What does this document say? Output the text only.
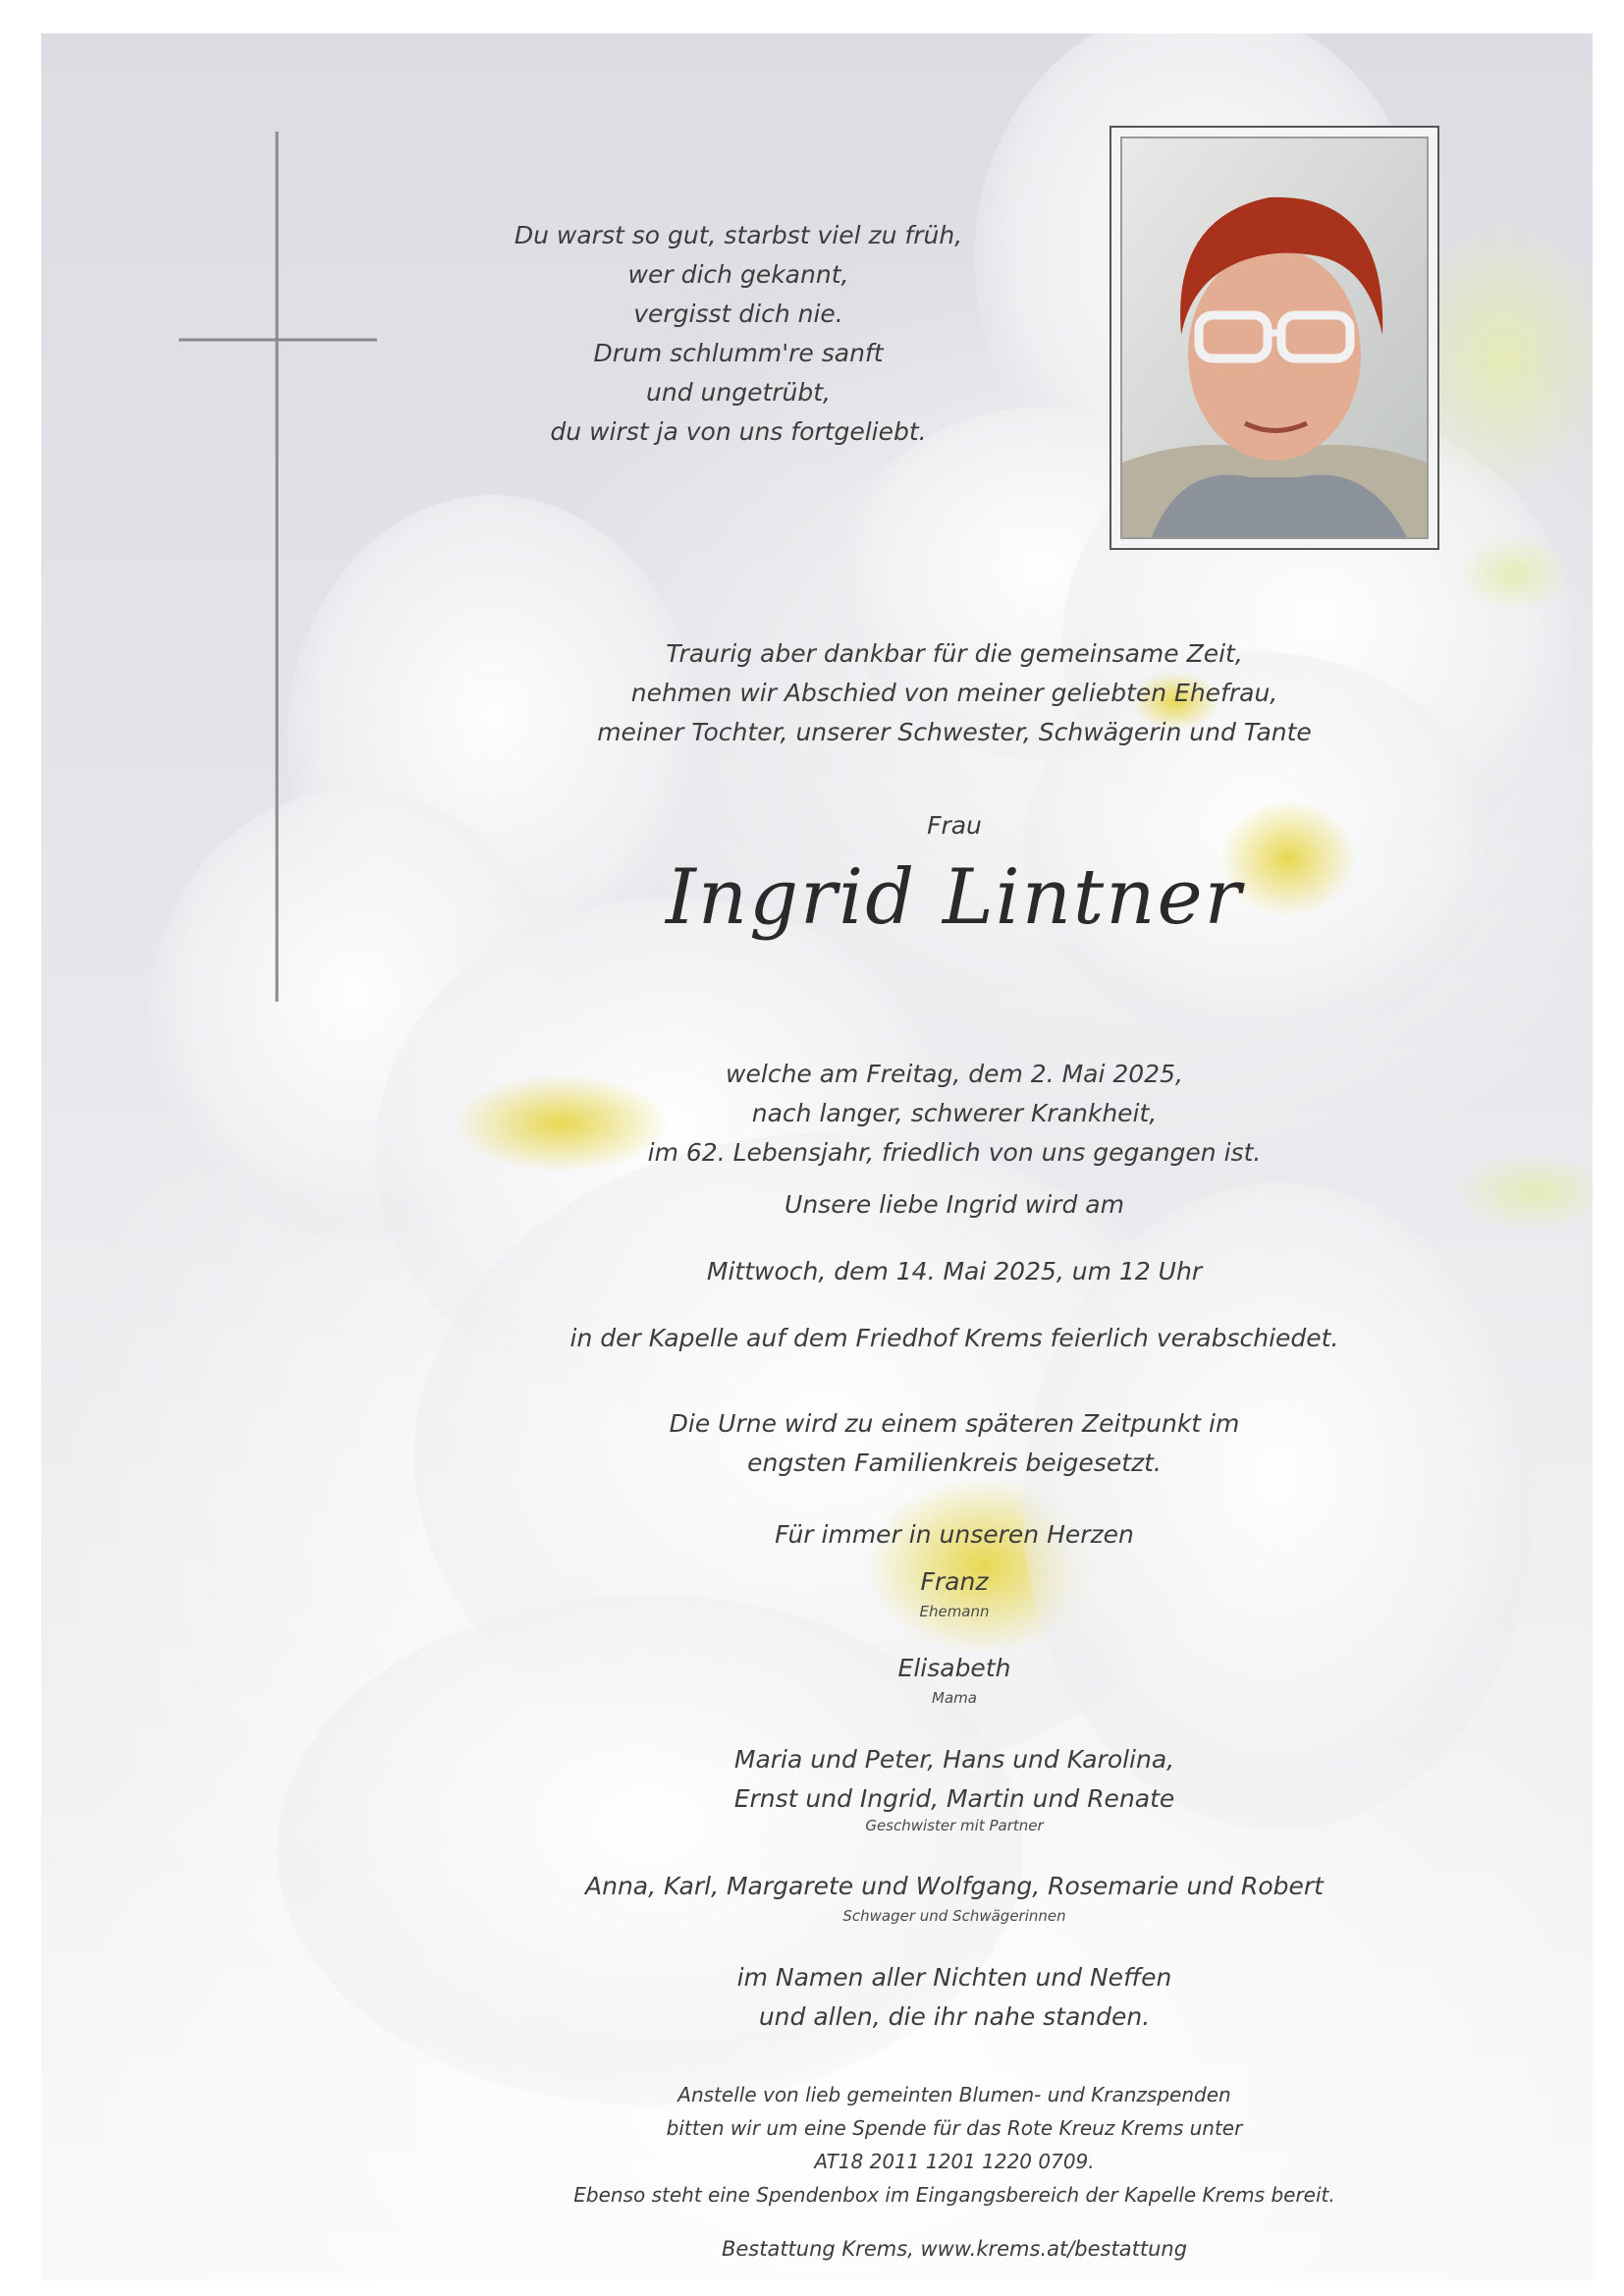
Du warst so gut, starbst viel zu früh,
wer dich gekannt,
vergisst dich nie.
Drum schlumm're sanft
und ungetrübt,
du wirst ja von uns fortgeliebt.
Traurig aber dankbar für die gemeinsame Zeit,
nehmen wir Abschied von meiner geliebten Ehefrau,
meiner Tochter, unserer Schwester, Schwägerin und Tante
Frau
Ingrid Lintner
welche am Freitag, dem 2. Mai 2025,
nach langer, schwerer Krankheit,
im 62. Lebensjahr, friedlich von uns gegangen ist.
Unsere liebe Ingrid wird am
Mittwoch, dem 14. Mai 2025, um 12 Uhr
in der Kapelle auf dem Friedhof Krems feierlich verabschiedet.
Die Urne wird zu einem späteren Zeitpunkt im
engsten Familienkreis beigesetzt.
Für immer in unseren Herzen
Franz
Ehemann
Elisabeth
Mama
Maria und Peter, Hans und Karolina,
Ernst und Ingrid, Martin und Renate
Geschwister mit Partner
Anna, Karl, Margarete und Wolfgang, Rosemarie und Robert
Schwager und Schwägerinnen
im Namen aller Nichten und Neffen
und allen, die ihr nahe standen.
Anstelle von lieb gemeinten Blumen- und Kranzspenden
bitten wir um eine Spende für das Rote Kreuz Krems unter
AT18 2011 1201 1220 0709.
Ebenso steht eine Spendenbox im Eingangsbereich der Kapelle Krems bereit.
Bestattung Krems, www.krems.at/bestattung
